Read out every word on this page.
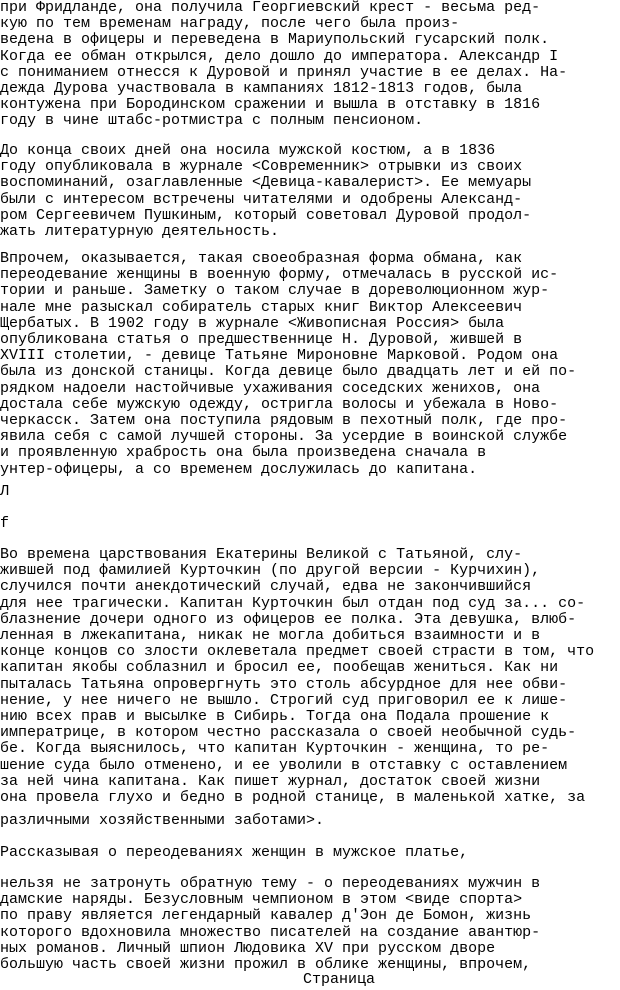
при Фридланде, она получила Георгиевский крест - весьма ред-
кую по тем временам награду, после чего была произ-
ведена в офицеры и переведена в Мариупольский гусарский полк.
Когда ее обман открылся, дело дошло до императора. Александр I
с пониманием отнесся к Дуровой и принял участие в ее делах. На-
дежда Дурова участвовала в кампаниях 1812-1813 годов, была
контужена при Бородинском сражении и вышла в отставку в 1816
году в чине штабс-ротмистра с полным пенсионом.

До конца своих дней она носила мужской костюм, а в 1836
году опубликовала в журнале <Современник> отрывки из своих
воспоминаний, озаглавленные <Девица-кавалерист>. Ее мемуары
были с интересом встречены читателями и одобрены Александ-
ром Сергеевичем Пушкиным, который советовал Дуровой продол-
жать литературную деятельность.

Впрочем, оказывается, такая своеобразная форма обмана, как
переодевание женщины в военную форму, отмечалась в русской ис-
тории и раньше. Заметку о таком случае в дореволюционном жур-
нале мне разыскал собиратель старых книг Виктор Алексеевич
Щербатых. В 1902 году в журнале <Живописная Россия> была
опубликована статья о предшественнице Н. Дуровой, жившей в
XVIII столетии, - девице Татьяне Мироновне Марковой. Родом она
была из донской станицы. Когда девице было двадцать лет и ей по-
рядком надоели настойчивые ухаживания соседских женихов, она
достала себе мужскую одежду, остригла волосы и убежала в Ново-
черкасск. Затем она поступила рядовым в пехотный полк, где про-
явила себя с самой лучшей стороны. За усердие в воинской службе
и проявленную храбрость она была произведена сначала в
унтер-офицеры, а со временем дослужилась до капитана.

Л

f

Во времена царствования Екатерины Великой с Татьяной, слу-
жившей под фамилией Курточкин (по другой версии - Курчихин),
случился почти анекдотический случай, едва не закончившийся
для нее трагически. Капитан Курточкин был отдан под суд за... со-
блазнение дочери одного из офицеров ее полка. Эта девушка, влюб-
ленная в лжекапитана, никак не могла добиться взаимности и в
конце концов со злости оклеветала предмет своей страсти в том, что
капитан якобы соблазнил и бросил ее, пообещав жениться. Как ни
пыталась Татьяна опровергнуть это столь абсурдное для нее обви-
нение, у нее ничего не вышло. Строгий суд приговорил ее к лише-
нию всех прав и высылке в Сибирь. Тогда она Подала прошение к
императрице, в котором честно рассказала о своей необычной судь-
бе. Когда выяснилось, что капитан Курточкин - женщина, то ре-
шение суда было отменено, и ее уволили в отставку с оставлением
за ней чина капитана. Как пишет журнал, достаток своей жизни
она провела глухо и бедно в родной станице, в маленькой хатке, за

различными хозяйственными заботами>.

Рассказывая о переодеваниях женщин в мужское платье,

нельзя не затронуть обратную тему - о переодеваниях мужчин в
дамские наряды. Безусловным чемпионом в этом <виде спорта>
по праву является легендарный кавалер д'Эон де Бомон, жизнь
которого вдохновила множество писателей на создание авантюр-
ных романов. Личный шпион Людовика XV при русском дворе
большую часть своей жизни прожил в облике женщины, впрочем,

Страница
